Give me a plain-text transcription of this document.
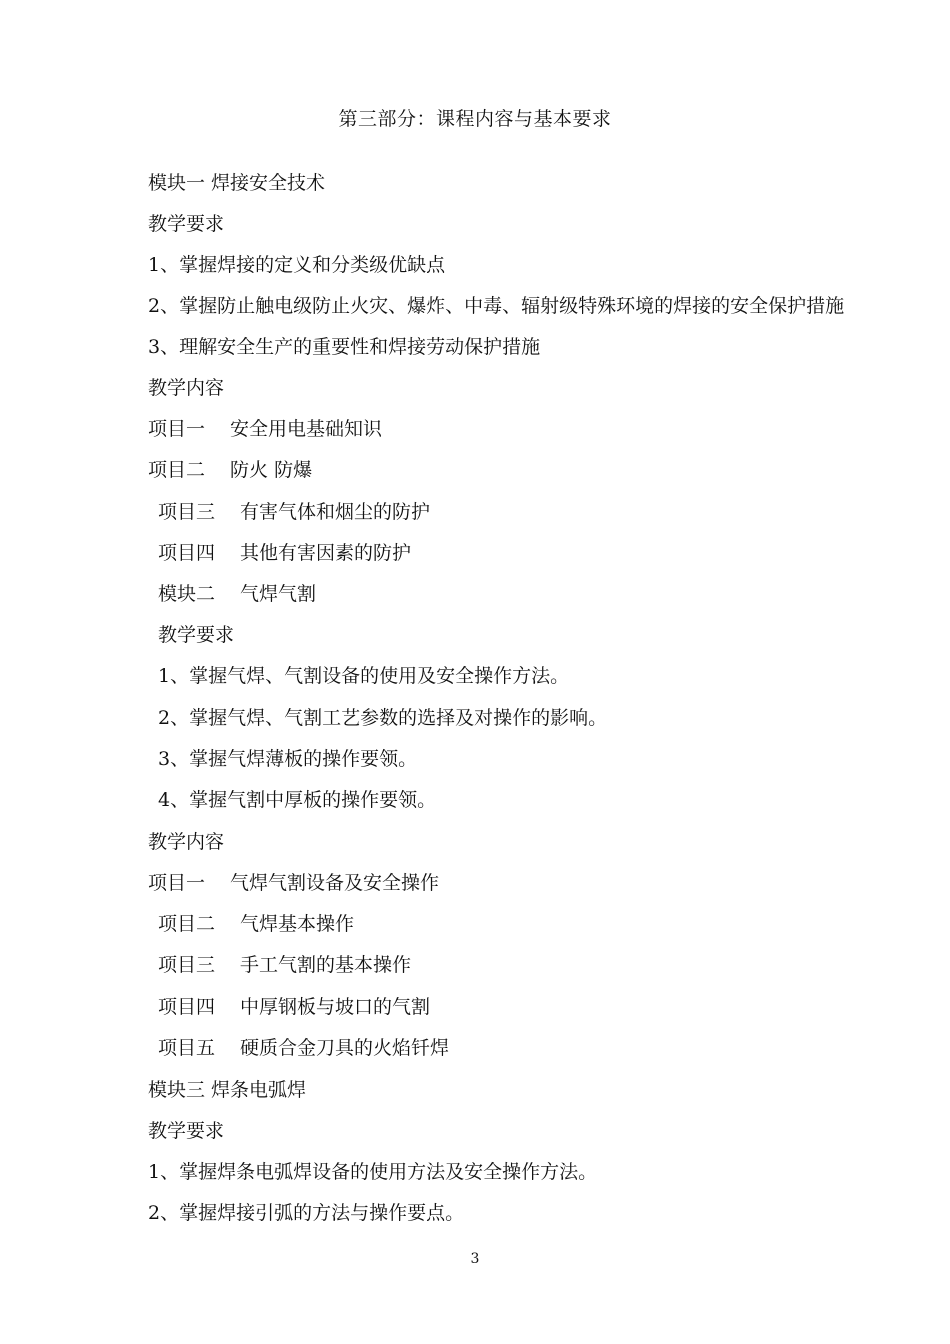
第三部分：课程内容与基本要求
模块一 焊接安全技术
教学要求
1、掌握焊接的定义和分类级优缺点
2、掌握防止触电级防止火灾、爆炸、中毒、辐射级特殊环境的焊接的安全保护措施
3、理解安全生产的重要性和焊接劳动保护措施
教学内容
项目一　 安全用电基础知识
项目二　 防火 防爆
项目三　 有害气体和烟尘的防护
项目四　 其他有害因素的防护
模块二　 气焊气割
教学要求
1、掌握气焊、气割设备的使用及安全操作方法。
2、掌握气焊、气割工艺参数的选择及对操作的影响。
3、掌握气焊薄板的操作要领。
4、掌握气割中厚板的操作要领。
教学内容
项目一　 气焊气割设备及安全操作
项目二　 气焊基本操作
项目三　 手工气割的基本操作
项目四　 中厚钢板与坡口的气割
项目五　 硬质合金刀具的火焰钎焊
模块三 焊条电弧焊
教学要求
1、掌握焊条电弧焊设备的使用方法及安全操作方法。
2、掌握焊接引弧的方法与操作要点。
3
